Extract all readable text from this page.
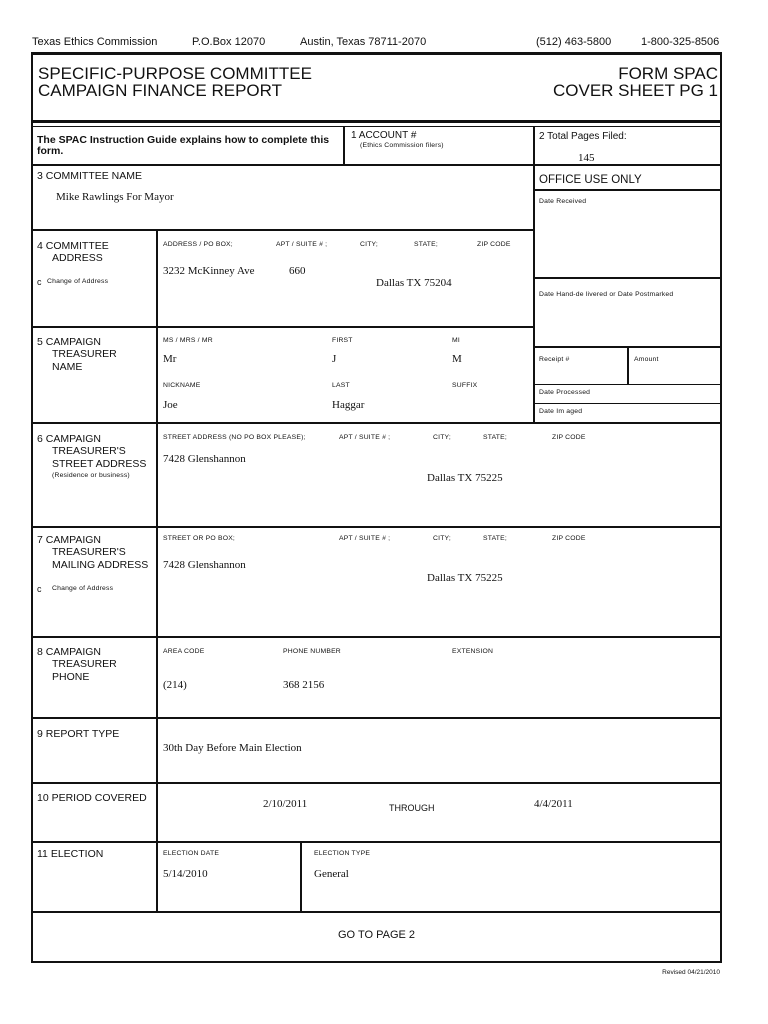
Texas Ethics Commission	P.O.Box 12070	Austin, Texas 78711-2070	(512) 463-5800	1-800-325-8506
SPECIFIC-PURPOSE COMMITTEE
CAMPAIGN FINANCE REPORT
FORM SPAC
COVER SHEET PG 1
The SPAC Instruction Guide explains how to complete this form.
1 ACCOUNT #
(Ethics Commission filers)
2 Total Pages Filed:
145
OFFICE USE ONLY
Date Received
Date Hand-de livered or Date Postmarked
Receipt #	Amount
Date Processed
Date Im aged
3 COMMITTEE NAME
Mike Rawlings For Mayor
4 COMMITTEE
ADDRESS
c Change of Address
ADDRESS / PO BOX;	APT / SUITE # ;	CITY;	STATE;	ZIP CODE
3232 McKinney Ave	660
Dallas TX 75204
5 CAMPAIGN
TREASURER
NAME
MS / MRS / MR	FIRST	MI
Mr	J	M
NICKNAME	LAST	SUFFIX
Joe	Haggar
6 CAMPAIGN
TREASURER'S
STREET ADDRESS
(Residence or business)
STREET ADDRESS (NO PO BOX PLEASE);	APT / SUITE # ;	CITY;	STATE;	ZIP CODE
7428 Glenshannon
Dallas TX 75225
7 CAMPAIGN
TREASURER'S
MAILING ADDRESS
c Change of Address
STREET OR PO BOX;	APT / SUITE # ;	CITY;	STATE;	ZIP CODE
7428 Glenshannon
Dallas TX 75225
8 CAMPAIGN
TREASURER
PHONE
AREA CODE	PHONE NUMBER	EXTENSION
(214)	368 2156
9 REPORT TYPE
30th Day Before Main Election
10 PERIOD COVERED	2/10/2011	THROUGH	4/4/2011
11 ELECTION	ELECTION DATE	ELECTION TYPE
5/14/2010	General
GO TO PAGE 2
Revised 04/21/2010
